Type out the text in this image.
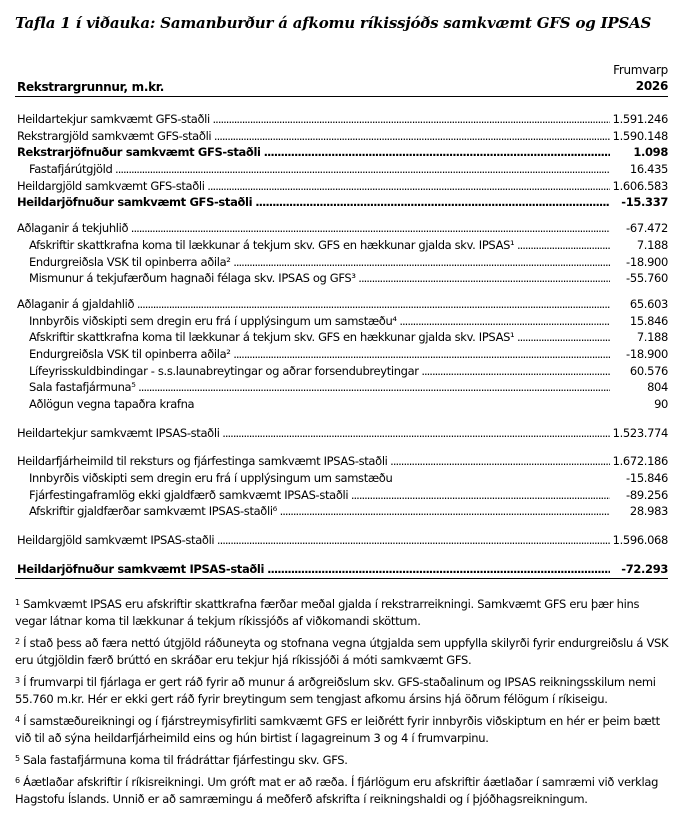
Tafla 1 í viðauka: Samanburður á afkomu ríkissjóðs samkvæmt GFS og IPSAS
Rekstrargrunnur, m.kr.
Frumvarp
2026
Heildartekjur samkvæmt GFS-staðli .....	1.591.246
Rekstrargjöld samkvæmt GFS-staðli .....	1.590.148
Rekstrarjöfnuður samkvæmt GFS-staðli .....	1.098
Fastafjárútgjöld .....	16.435
Heildargjöld samkvæmt GFS-staðli .....	1.606.583
Heildarjöfnuður samkvæmt GFS-staðli .....	-15.337
Aðlaganir á tekjuhlið .....	-67.472
Afskriftir skattkrafna koma til lækkunar á tekjum skv. GFS en hækkunar gjalda skv. IPSAS¹ .....	7.188
Endurgreiðsla VSK til opinberra aðila² .....	-18.900
Mismunur á tekjufærðum hagnaði félaga skv. IPSAS og GFS³ .....	-55.760
Aðlaganir á gjaldahlið .....	65.603
Innbyrðis viðskipti sem dregin eru frá í upplýsingum um samstæðu⁴ .....	15.846
Afskriftir skattkrafna koma til lækkunar á tekjum skv. GFS en hækkunar gjalda skv. IPSAS¹ .....	7.188
Endurgreiðsla VSK til opinberra aðila² .....	-18.900
Lífeyrisskuldbindingar - s.s.launabreytingar og aðrar forsendubreytingar .....	60.576
Sala fastafjármuna⁵ .....	804
Aðlögun vegna tapaðra krafna	90
Heildartekjur samkvæmt IPSAS-staðli .....	1.523.774
Heildarfjárheimild til reksturs og fjárfestinga samkvæmt IPSAS-staðli .....	1.672.186
Innbyrðis viðskipti sem dregin eru frá í upplýsingum um samstæðu	-15.846
Fjárfestingaframlög ekki gjaldfærð samkvæmt IPSAS-staðli .....	-89.256
Afskriftir gjaldfærðar samkvæmt IPSAS-staðli⁶ .....	28.983
Heildargjöld samkvæmt IPSAS-staðli .....	1.596.068
Heildarjöfnuður samkvæmt IPSAS-staðli .....	-72.293

$^1$ Samkvæmt IPSAS eru afskriftir skattkrafna færðar meðal gjalda í rekstrarreikningi. Samkvæmt GFS eru þær hins vegar látnar koma til lækkunar á tekjum ríkissjóðs af viðkomandi sköttum.

$^2$ Í stað þess að færa nettó útgjöld ráðuneyta og stofnana vegna útgjalda sem uppfylla skilyrði fyrir endurgreiðslu á VSK eru útgjöldin færð brúttó en skráðar eru tekjur hjá ríkissjóði á móti samkvæmt GFS.

$^3$ Í frumvarpi til fjárlaga er gert ráð fyrir að munur á arðgreiðslum skv. GFS-staðalinum og IPSAS reikningsskilum nemi 55.760 m.kr. Hér er ekki gert ráð fyrir breytingum sem tengjast afkomu ársins hjá öðrum félögum í ríkiseigu.

$^4$ Í samstæðureikningi og í fjárstreymisyfirliti samkvæmt GFS er leiðrétt fyrir innbyrðis viðskiptum en hér er þeim bætt við til að sýna heildarfjárheimild eins og hún birtist í lagagreinum 3 og 4 í frumvarpinu.

$^5$ Sala fastafjármuna koma til frádráttar fjárfestingu skv. GFS.

$^6$ Áætlaðar afskriftir í ríkisreikningi. Um gróft mat er að ræða. Í fjárlögum eru afskriftir áætlaðar í samræmi við verklag Hagstofu Íslands. Unnið er að samræmingu á meðferð afskrifta í reikningshaldi og í þjóðhagsreikningum.
